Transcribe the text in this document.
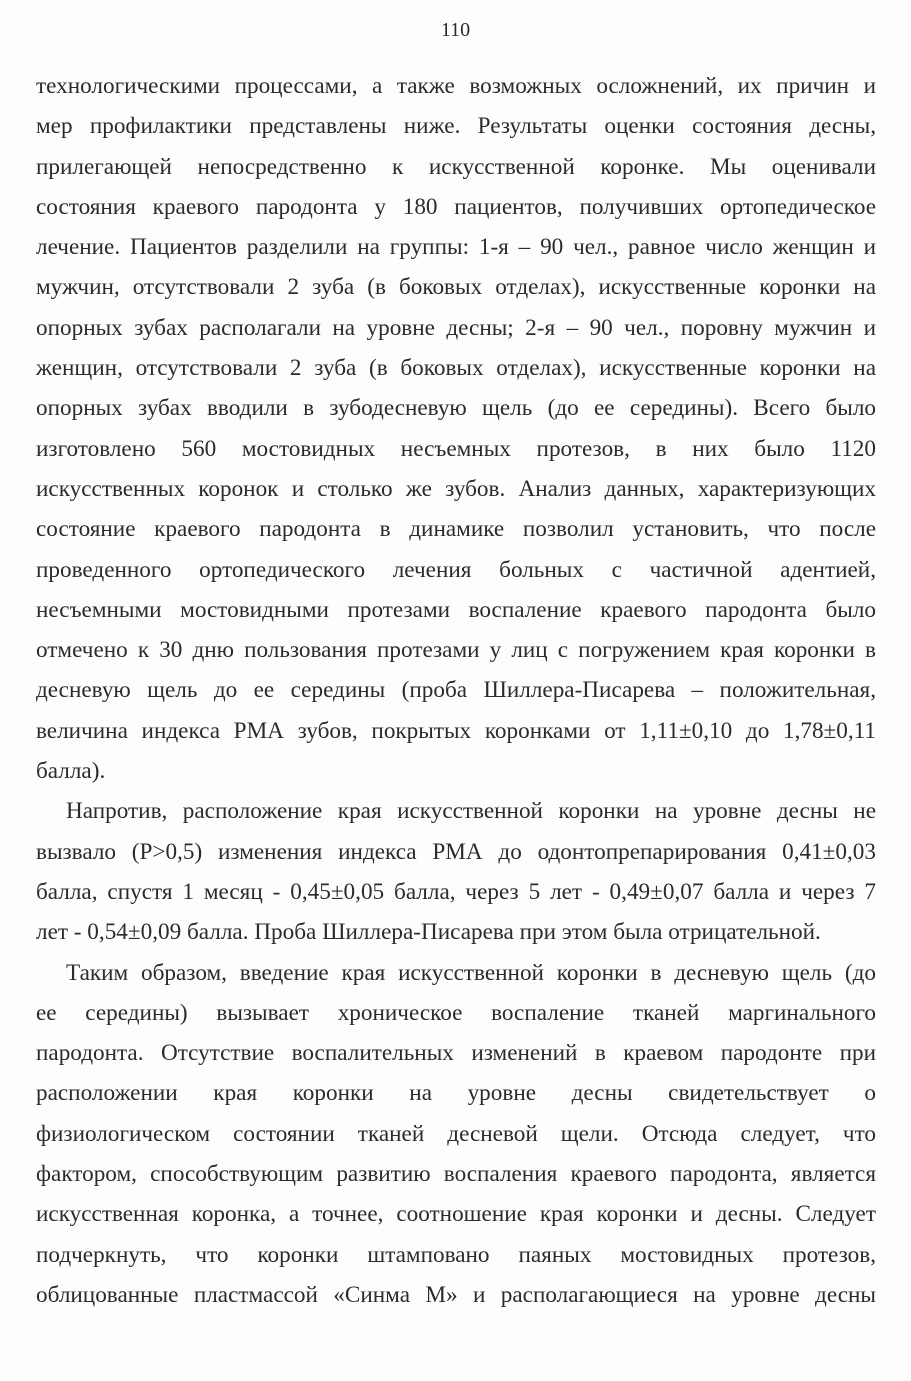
110
технологическими процессами, а также возможных осложнений, их причин и
мер профилактики представлены ниже. Результаты оценки состояния десны,
прилегающей непосредственно к искусственной коронке. Мы оценивали
состояния краевого пародонта у 180 пациентов, получивших ортопедическое
лечение. Пациентов разделили на группы: 1-я – 90 чел., равное число женщин и
мужчин, отсутствовали 2 зуба (в боковых отделах), искусственные коронки на
опорных зубах располагали на уровне десны; 2-я – 90 чел., поровну мужчин и
женщин, отсутствовали 2 зуба (в боковых отделах), искусственные коронки на
опорных зубах вводили в зубодесневую щель (до ее середины). Всего было
изготовлено 560 мостовидных несъемных протезов, в них было 1120
искусственных коронок и столько же зубов. Анализ данных, характеризующих
состояние краевого пародонта в динамике позволил установить, что после
проведенного ортопедического лечения больных с частичной адентией,
несъемными мостовидными протезами воспаление краевого пародонта было
отмечено к 30 дню пользования протезами у лиц с погружением края коронки в
десневую щель до ее середины (проба Шиллера-Писарева – положительная,
величина индекса РМА зубов, покрытых коронками от 1,11±0,10 до 1,78±0,11
балла).
Напротив, расположение края искусственной коронки на уровне десны не
вызвало (Р>0,5) изменения индекса РМА до одонтопрепарирования 0,41±0,03
балла, спустя 1 месяц - 0,45±0,05 балла, через 5 лет - 0,49±0,07 балла и через 7
лет - 0,54±0,09 балла. Проба Шиллера-Писарева при этом была отрицательной.
Таким образом, введение края искусственной коронки в десневую щель (до
ее середины) вызывает хроническое воспаление тканей маргинального
пародонта. Отсутствие воспалительных изменений в краевом пародонте при
расположении края коронки на уровне десны свидетельствует о
физиологическом состоянии тканей десневой щели. Отсюда следует, что
фактором, способствующим развитию воспаления краевого пародонта, является
искусственная коронка, а точнее, соотношение края коронки и десны. Следует
подчеркнуть, что коронки штамповано паяных мостовидных протезов,
облицованные пластмассой «Синма М» и располагающиеся на уровне десны
